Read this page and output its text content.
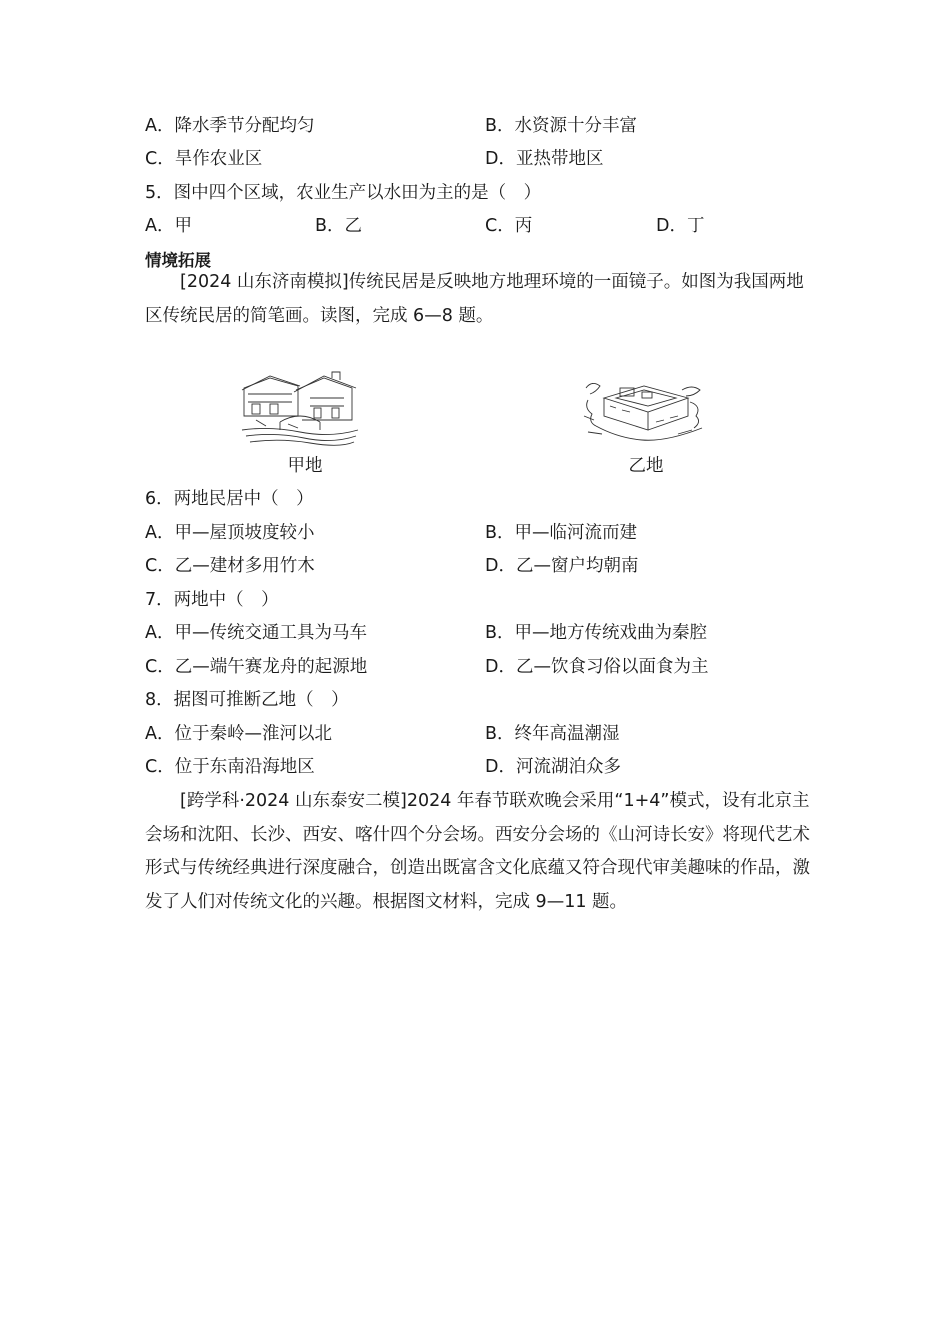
A．降水季节分配均匀	B．水资源十分丰富
C．旱作农业区	D．亚热带地区
5．图中四个区域，农业生产以水田为主的是（　）
A．甲	B．乙	C．丙	D．丁
情境拓展
[2024 山东济南模拟]传统民居是反映地方地理环境的一面镜子。如图为我国两地区传统民居的简笔画。读图，完成 6—8 题。
甲地	乙地
6．两地民居中（　）
A．甲—屋顶坡度较小	B．甲—临河流而建
C．乙—建材多用竹木	D．乙—窗户均朝南
7．两地中（　）
A．甲—传统交通工具为马车	B．甲—地方传统戏曲为秦腔
C．乙—端午赛龙舟的起源地	D．乙—饮食习俗以面食为主
8．据图可推断乙地（　）
A．位于秦岭—淮河以北	B．终年高温潮湿
C．位于东南沿海地区	D．河流湖泊众多
[跨学科·2024 山东泰安二模]2024 年春节联欢晚会采用“1+4”模式，设有北京主会场和沈阳、长沙、西安、喀什四个分会场。西安分会场的《山河诗长安》将现代艺术形式与传统经典进行深度融合，创造出既富含文化底蕴又符合现代审美趣味的作品，激发了人们对传统文化的兴趣。根据图文材料，完成 9—11 题。
